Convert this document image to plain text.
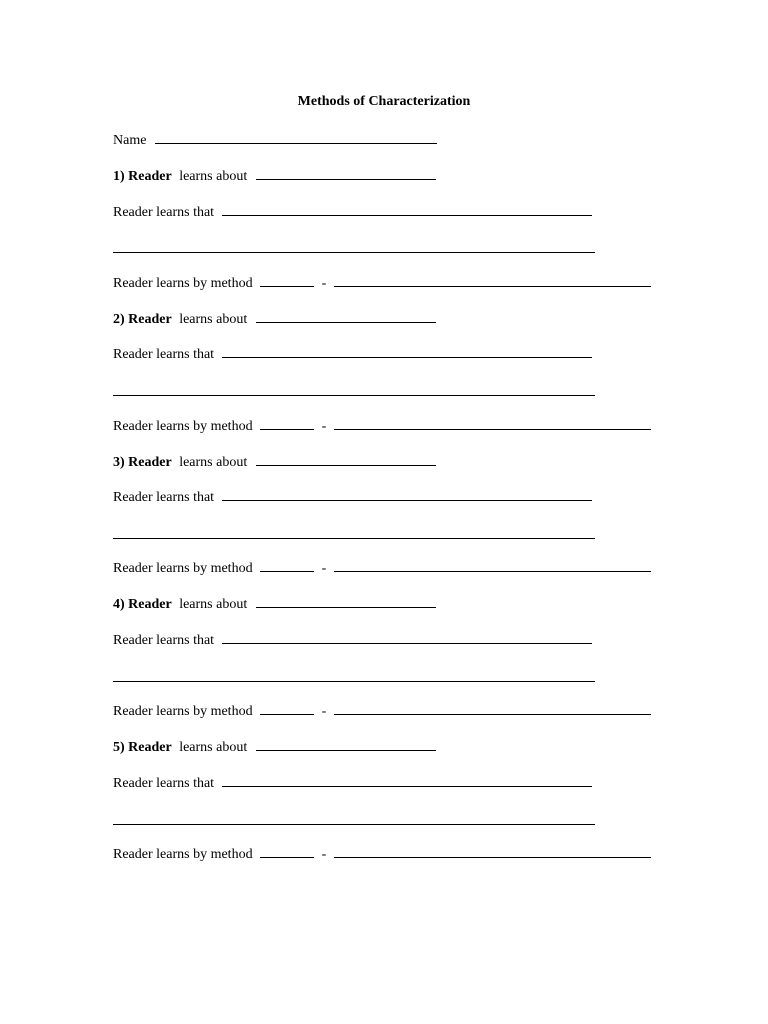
Methods of Characterization
Name
1) Reader learns about
Reader learns that
Reader learns by method	-
2) Reader learns about
Reader learns that
Reader learns by method	-
3) Reader learns about
Reader learns that
Reader learns by method	-
4) Reader learns about
Reader learns that
Reader learns by method	-
5) Reader learns about
Reader learns that
Reader learns by method	-
